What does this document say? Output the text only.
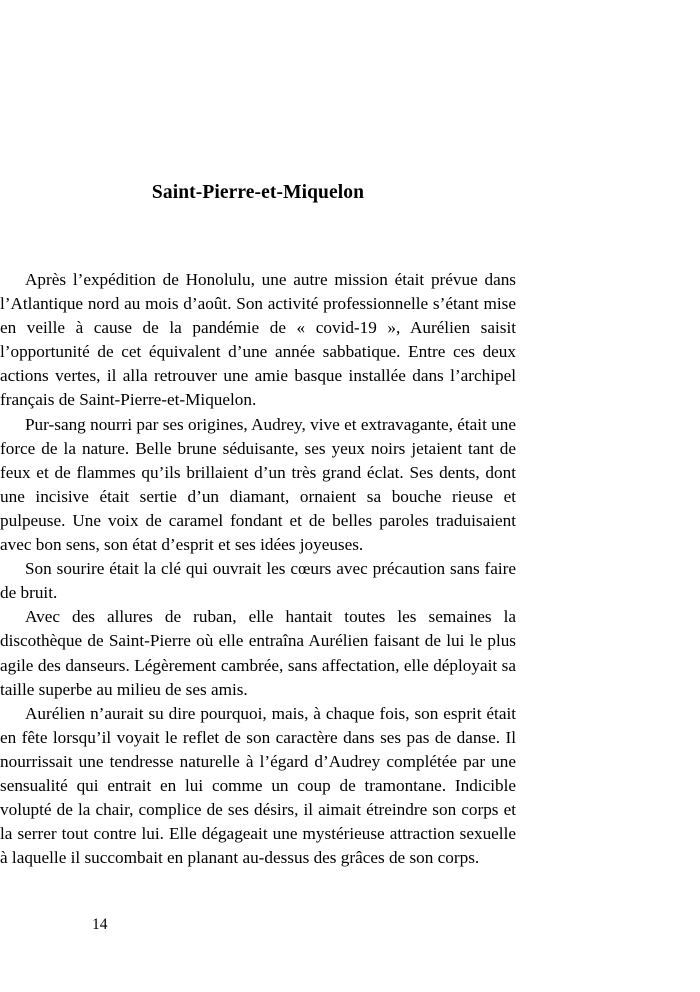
Saint-Pierre-et-Miquelon

Après l’expédition de Honolulu, une autre mission était prévue dans l’Atlantique nord au mois d’août. Son activité professionnelle s’étant mise en veille à cause de la pandémie de « covid-19 », Aurélien saisit l’opportunité de cet équivalent d’une année sabbatique. Entre ces deux actions vertes, il alla retrouver une amie basque installée dans l’archipel français de Saint-Pierre-et-Miquelon.

Pur-sang nourri par ses origines, Audrey, vive et extravagante, était une force de la nature. Belle brune séduisante, ses yeux noirs jetaient tant de feux et de flammes qu’ils brillaient d’un très grand éclat. Ses dents, dont une incisive était sertie d’un diamant, ornaient sa bouche rieuse et pulpeuse. Une voix de caramel fondant et de belles paroles traduisaient avec bon sens, son état d’esprit et ses idées joyeuses.

Son sourire était la clé qui ouvrait les cœurs avec précaution sans faire de bruit.

Avec des allures de ruban, elle hantait toutes les semaines la discothèque de Saint-Pierre où elle entraîna Aurélien faisant de lui le plus agile des danseurs. Légèrement cambrée, sans affectation, elle déployait sa taille superbe au milieu de ses amis.

Aurélien n’aurait su dire pourquoi, mais, à chaque fois, son esprit était en fête lorsqu’il voyait le reflet de son caractère dans ses pas de danse. Il nourrissait une tendresse naturelle à l’égard d’Audrey complétée par une sensualité qui entrait en lui comme un coup de tramontane. Indicible volupté de la chair, complice de ses désirs, il aimait étreindre son corps et la serrer tout contre lui. Elle dégageait une mystérieuse attraction sexuelle à laquelle il succombait en planant au-dessus des grâces de son corps.

14
